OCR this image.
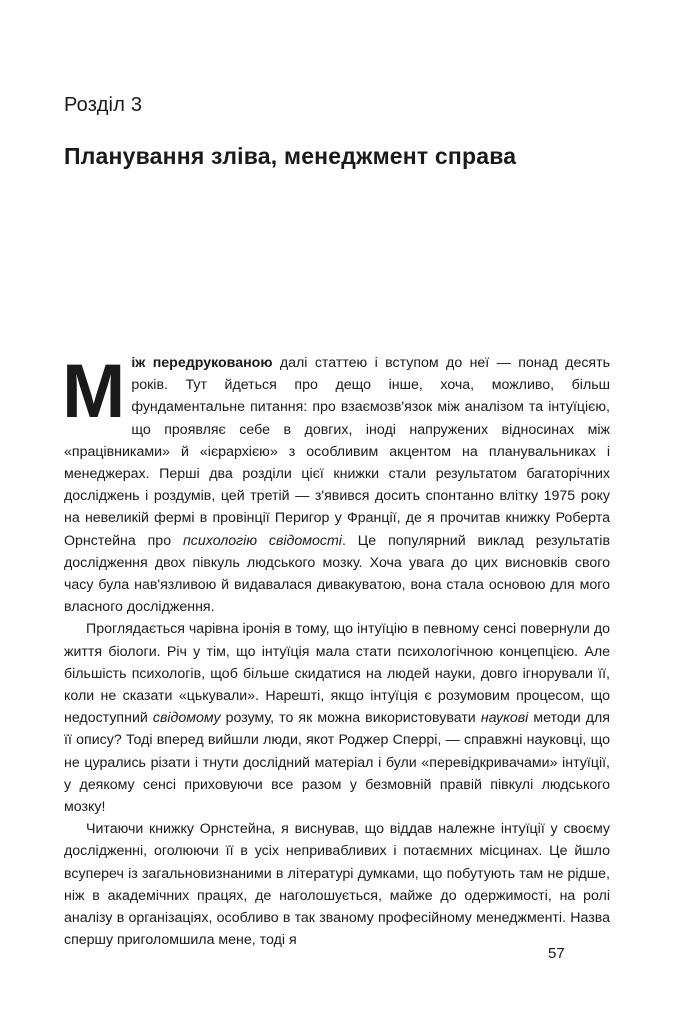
Розділ 3
Планування зліва, менеджмент справа

Між передрукованою далі статтею і вступом до неї — понад десять років. Тут йдеться про дещо інше, хоча, можливо, більш фундаментальне питання: про взаємозв'язок між аналізом та інтуїцією, що проявляє себе в довгих, іноді напружених відносинах між «працівниками» й «ієрархією» з особливим акцентом на планувальниках і менеджерах. Перші два розділи цієї книжки стали результатом багаторічних досліджень і роздумів, цей третій — з'явився досить спонтанно влітку 1975 року на невеликій фермі в провінції Перигор у Франції, де я прочитав книжку Роберта Орнстейна про психологію свідомості. Це популярний виклад результатів дослідження двох півкуль людського мозку. Хоча увага до цих висновків свого часу була нав'язливою й видавалася дивакуватою, вона стала основою для мого власного дослідження.

Проглядається чарівна іронія в тому, що інтуїцію в певному сенсі повернули до життя біологи. Річ у тім, що інтуїція мала стати психологічною концепцією. Але більшість психологів, щоб більше скидатися на людей науки, довго ігнорували її, коли не сказати «цькували». Нарешті, якщо інтуїція є розумовим процесом, що недоступний свідомому розуму, то як можна використовувати наукові методи для її опису? Тоді вперед вийшли люди, якот Роджер Сперрі, — справжні науковці, що не цурались різати і тнути дослідний матеріал і були «перевідкривачами» інтуїції, у деякому сенсі приховуючи все разом у безмовній правій півкулі людського мозку!

Читаючи книжку Орнстейна, я виснував, що віддав належне інтуїції у своєму дослідженні, оголюючи її в усіх непривабливих і потаємних місцинах. Це йшло всупереч із загальновизнаними в літературі думками, що побутують там не рідше, ніж в академічних працях, де наголошується, майже до одержимості, на ролі аналізу в організаціях, особливо в так званому професійному менеджменті. Назва спершу приголомшила мене, тоді я

57
